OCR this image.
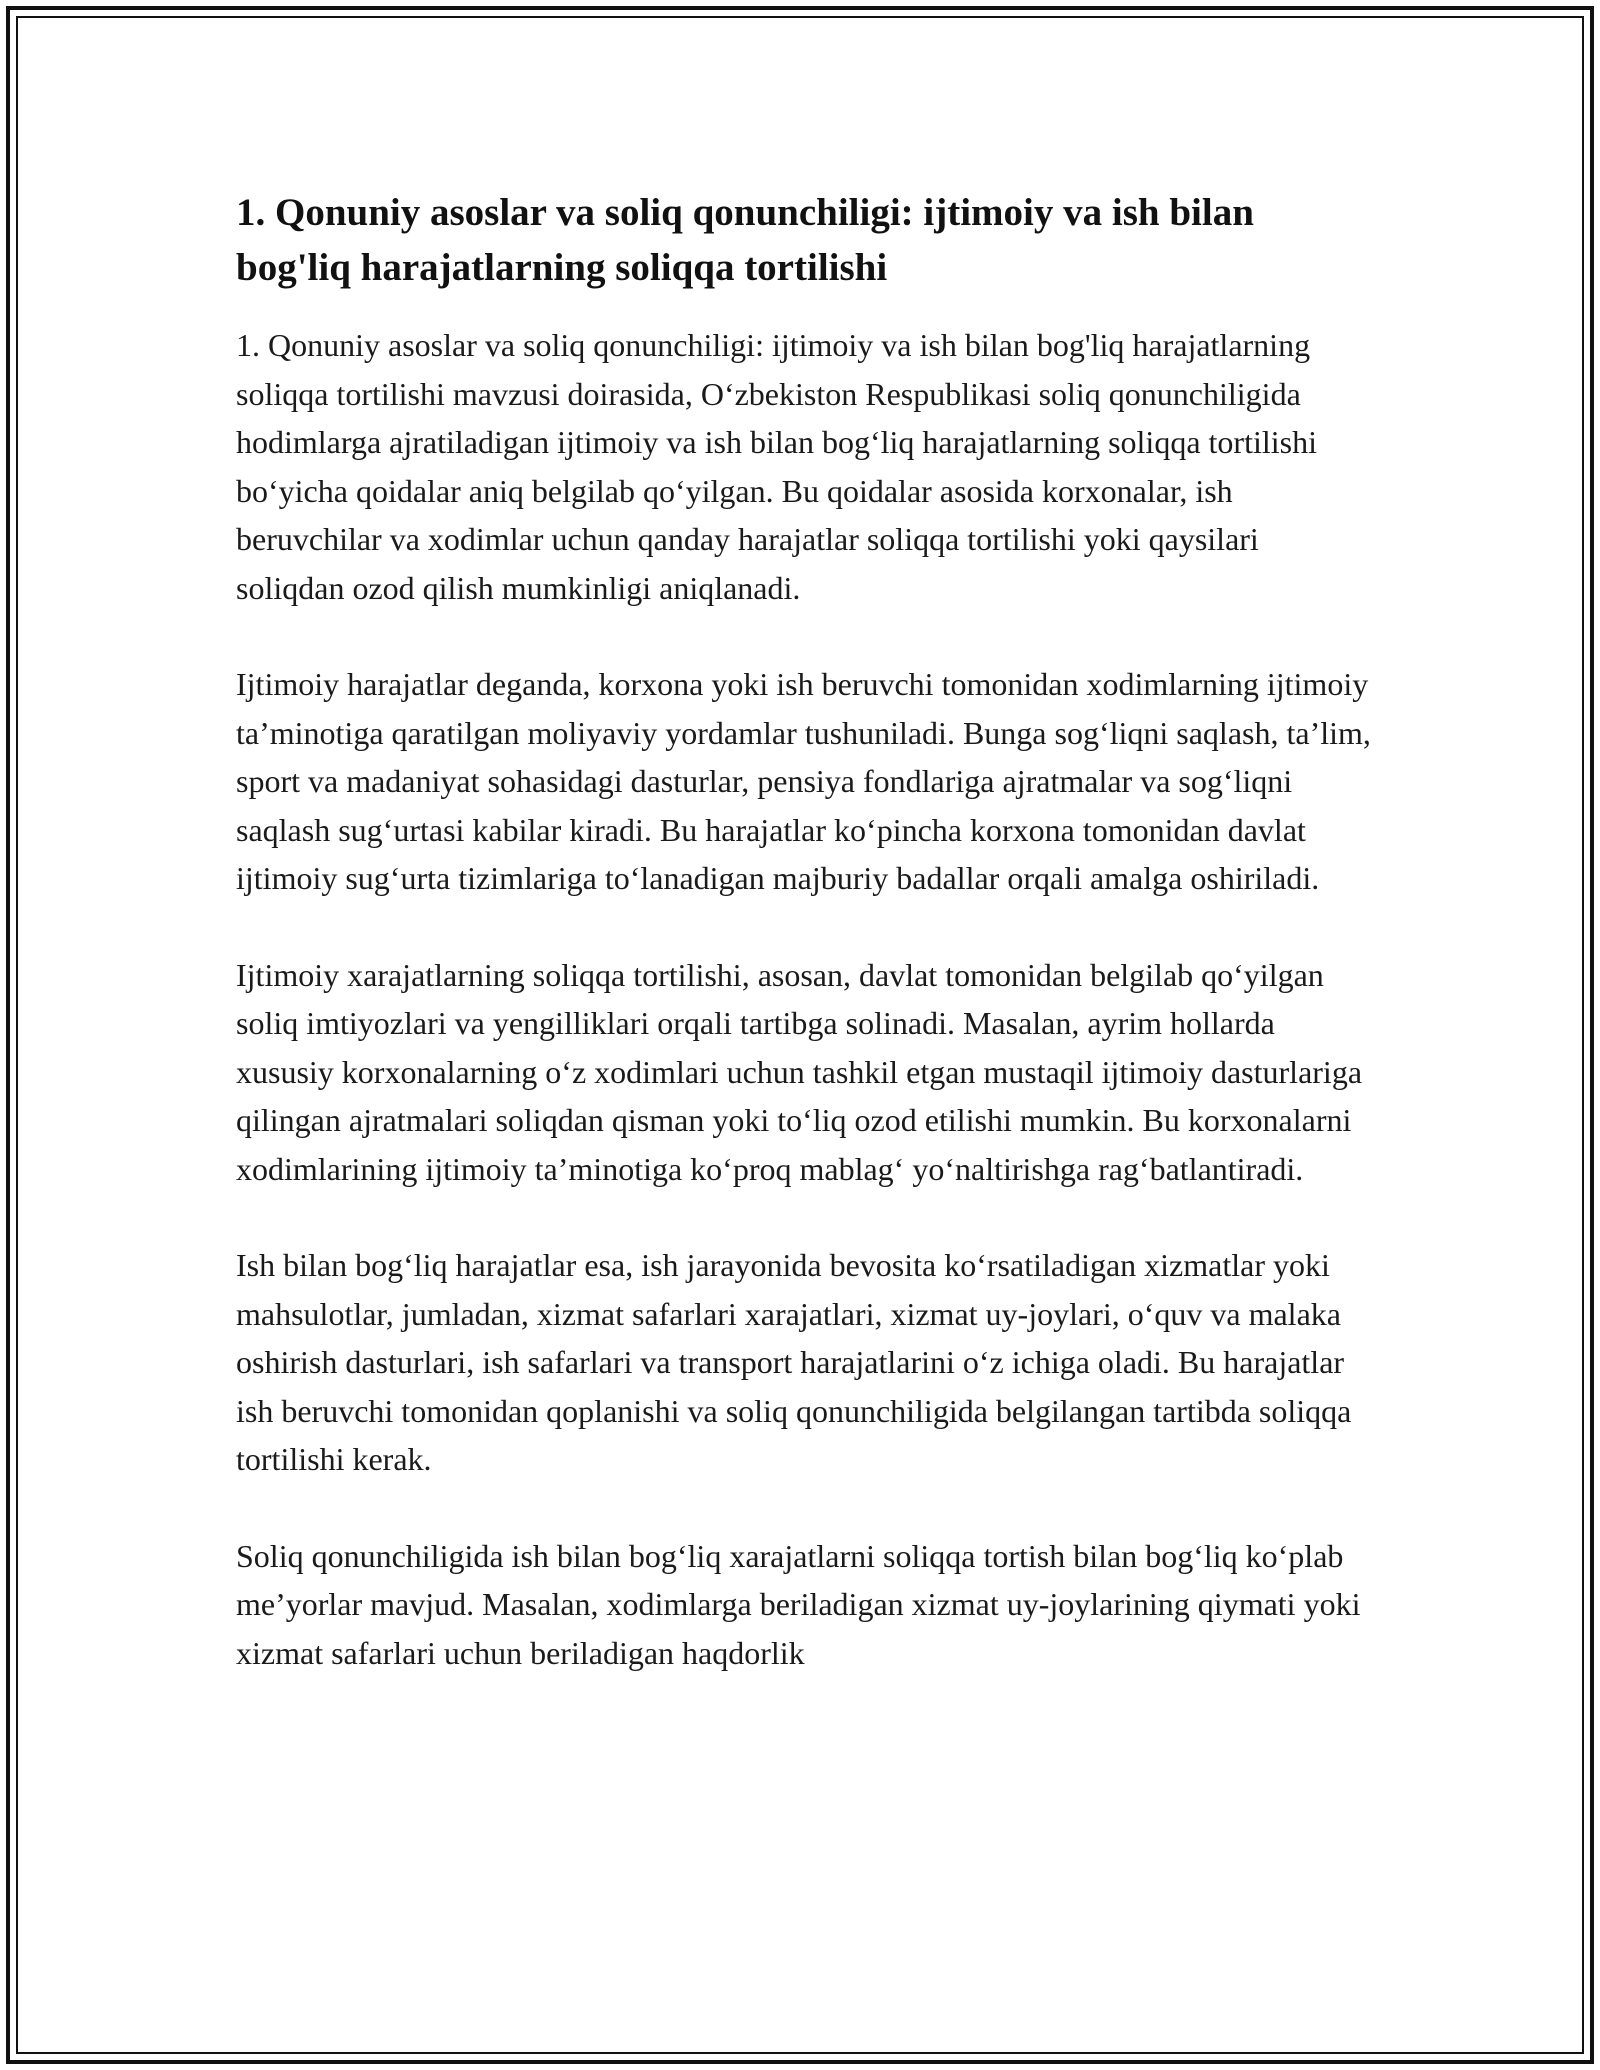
1. Qonuniy asoslar va soliq qonunchiligi: ijtimoiy va ish bilan bog'liq harajatlarning soliqqa tortilishi

1. Qonuniy asoslar va soliq qonunchiligi: ijtimoiy va ish bilan bog'liq harajatlarning soliqqa tortilishi mavzusi doirasida, O‘zbekiston Respublikasi soliq qonunchiligida hodimlarga ajratiladigan ijtimoiy va ish bilan bog‘liq harajatlarning soliqqa tortilishi bo‘yicha qoidalar aniq belgilab qo‘yilgan. Bu qoidalar asosida korxonalar, ish beruvchilar va xodimlar uchun qanday harajatlar soliqqa tortilishi yoki qaysilari soliqdan ozod qilish mumkinligi aniqlanadi.

Ijtimoiy harajatlar deganda, korxona yoki ish beruvchi tomonidan xodimlarning ijtimoiy ta’minotiga qaratilgan moliyaviy yordamlar tushuniladi. Bunga sog‘liqni saqlash, ta’lim, sport va madaniyat sohasidagi dasturlar, pensiya fondlariga ajratmalar va sog‘liqni saqlash sug‘urtasi kabilar kiradi. Bu harajatlar ko‘pincha korxona tomonidan davlat ijtimoiy sug‘urta tizimlariga to‘lanadigan majburiy badallar orqali amalga oshiriladi.

Ijtimoiy xarajatlarning soliqqa tortilishi, asosan, davlat tomonidan belgilab qo‘yilgan soliq imtiyozlari va yengilliklari orqali tartibga solinadi. Masalan, ayrim hollarda xususiy korxonalarning o‘z xodimlari uchun tashkil etgan mustaqil ijtimoiy dasturlariga qilingan ajratmalari soliqdan qisman yoki to‘liq ozod etilishi mumkin. Bu korxonalarni xodimlarining ijtimoiy ta’minotiga ko‘proq mablag‘ yo‘naltirishga rag‘batlantiradi.

Ish bilan bog‘liq harajatlar esa, ish jarayonida bevosita ko‘rsatiladigan xizmatlar yoki mahsulotlar, jumladan, xizmat safarlari xarajatlari, xizmat uy-joylari, o‘quv va malaka oshirish dasturlari, ish safarlari va transport harajatlarini o‘z ichiga oladi. Bu harajatlar ish beruvchi tomonidan qoplanishi va soliq qonunchiligida belgilangan tartibda soliqqa tortilishi kerak.

Soliq qonunchiligida ish bilan bog‘liq xarajatlarni soliqqa tortish bilan bog‘liq ko‘plab me’yorlar mavjud. Masalan, xodimlarga beriladigan xizmat uy-joylarining qiymati yoki xizmat safarlari uchun beriladigan haqdorlik
